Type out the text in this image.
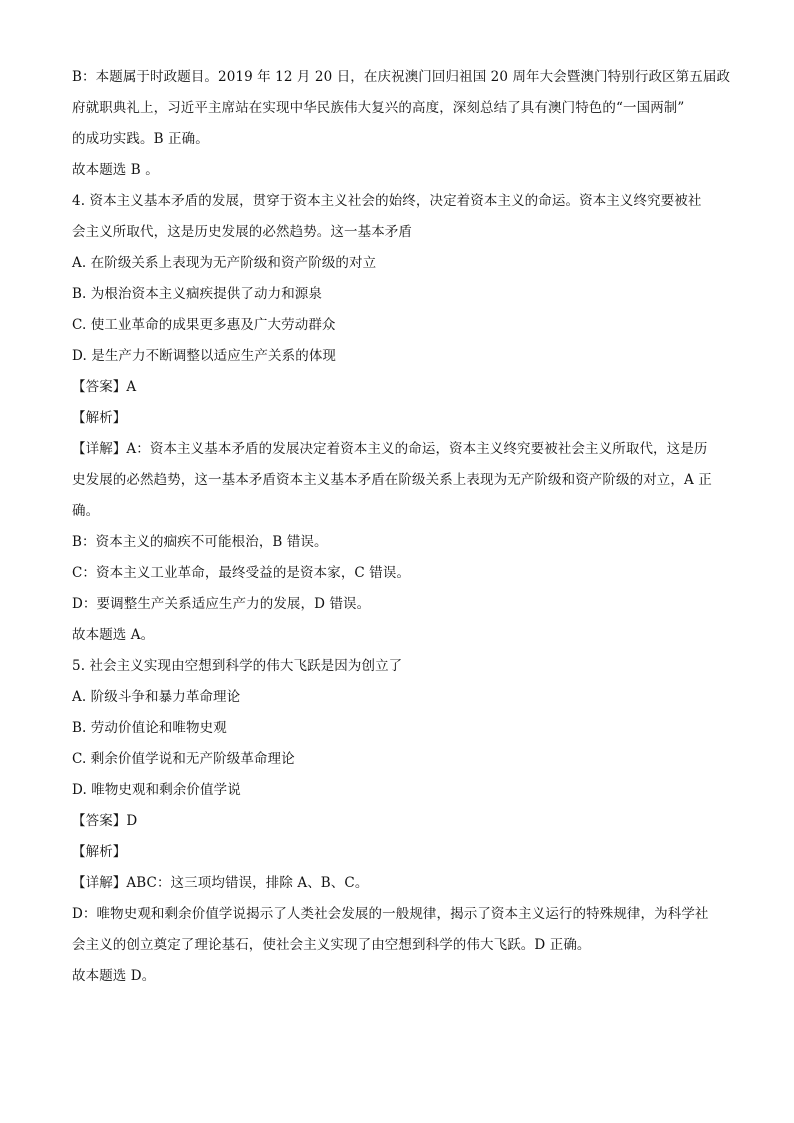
B：本题属于时政题目。2019 年 12 月 20 日，在庆祝澳门回归祖国 20 周年大会暨澳门特别行政区第五届政
府就职典礼上，习近平主席站在实现中华民族伟大复兴的高度，深刻总结了具有澳门特色的“一国两制”
的成功实践。B 正确。
故本题选 B 。
4. 资本主义基本矛盾的发展，贯穿于资本主义社会的始终，决定着资本主义的命运。资本主义终究要被社
会主义所取代，这是历史发展的必然趋势。这一基本矛盾
A. 在阶级关系上表现为无产阶级和资产阶级的对立
B. 为根治资本主义痼疾提供了动力和源泉
C. 使工业革命的成果更多惠及广大劳动群众
D. 是生产力不断调整以适应生产关系的体现
【答案】A
【解析】
【详解】A：资本主义基本矛盾的发展决定着资本主义的命运，资本主义终究要被社会主义所取代，这是历
史发展的必然趋势，这一基本矛盾资本主义基本矛盾在阶级关系上表现为无产阶级和资产阶级的对立，A 正
确。
B：资本主义的痼疾不可能根治，B 错误。
C：资本主义工业革命，最终受益的是资本家，C 错误。
D：要调整生产关系适应生产力的发展，D 错误。
故本题选 A。
5. 社会主义实现由空想到科学的伟大飞跃是因为创立了
A. 阶级斗争和暴力革命理论
B. 劳动价值论和唯物史观
C. 剩余价值学说和无产阶级革命理论
D. 唯物史观和剩余价值学说
【答案】D
【解析】
【详解】ABC：这三项均错误，排除 A、B、C。
D：唯物史观和剩余价值学说揭示了人类社会发展的一般规律，揭示了资本主义运行的特殊规律，为科学社
会主义的创立奠定了理论基石，使社会主义实现了由空想到科学的伟大飞跃。D 正确。
故本题选 D。
